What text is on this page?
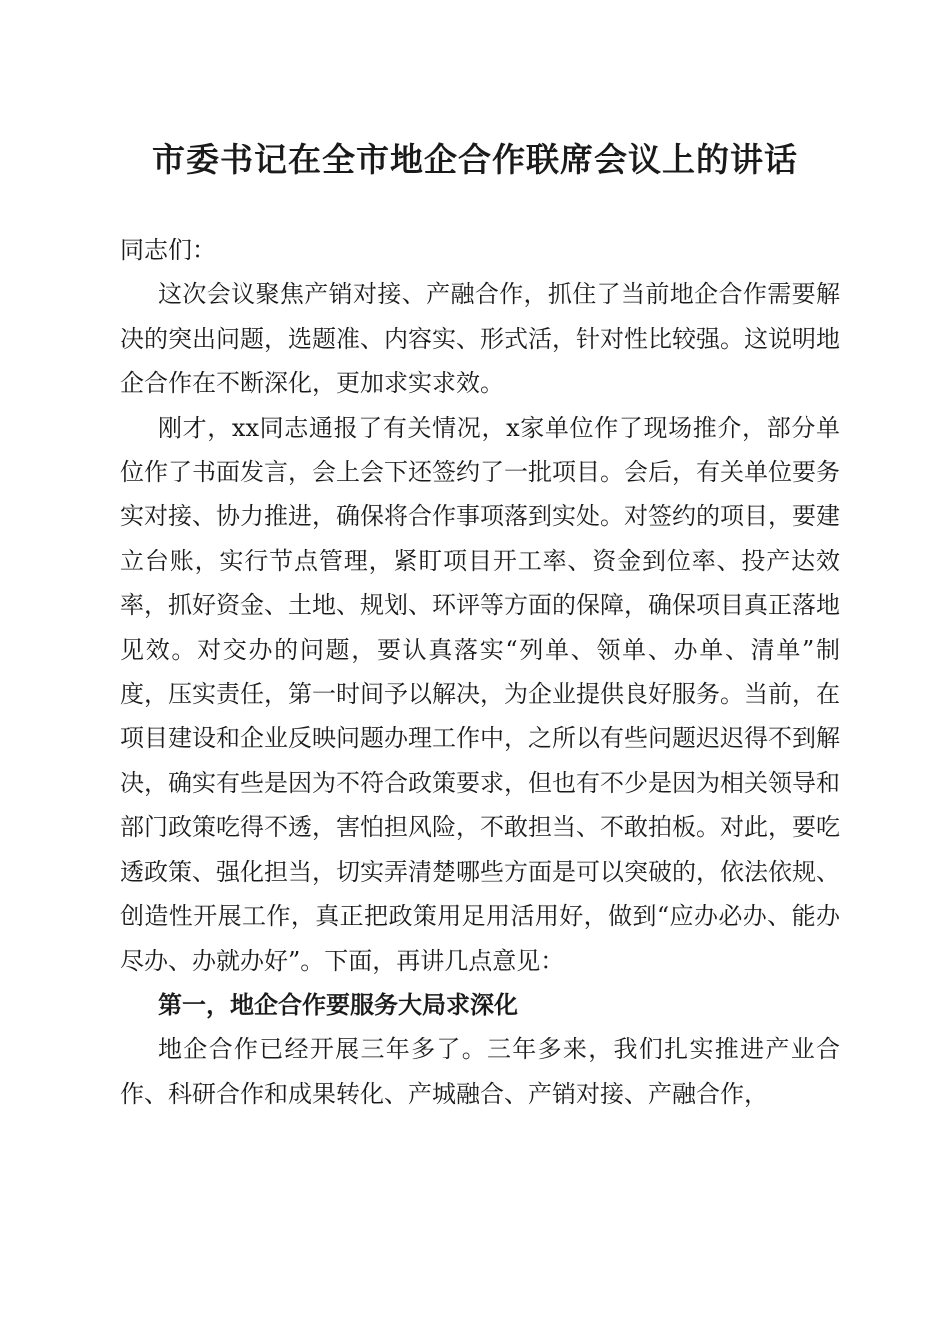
市委书记在全市地企合作联席会议上的讲话

同志们：

这次会议聚焦产销对接、产融合作，抓住了当前地企合作需要解决的突出问题，选题准、内容实、形式活，针对性比较强。这说明地企合作在不断深化，更加求实求效。

刚才，xx同志通报了有关情况，x家单位作了现场推介，部分单位作了书面发言，会上会下还签约了一批项目。会后，有关单位要务实对接、协力推进，确保将合作事项落到实处。对签约的项目，要建立台账，实行节点管理，紧盯项目开工率、资金到位率、投产达效率，抓好资金、土地、规划、环评等方面的保障，确保项目真正落地见效。对交办的问题，要认真落实“列单、领单、办单、清单”制度，压实责任，第一时间予以解决，为企业提供良好服务。当前，在项目建设和企业反映问题办理工作中，之所以有些问题迟迟得不到解决，确实有些是因为不符合政策要求，但也有不少是因为相关领导和部门政策吃得不透，害怕担风险，不敢担当、不敢拍板。对此，要吃透政策、强化担当，切实弄清楚哪些方面是可以突破的，依法依规、创造性开展工作，真正把政策用足用活用好，做到“应办必办、能办尽办、办就办好”。下面，再讲几点意见：

第一，地企合作要服务大局求深化

地企合作已经开展三年多了。三年多来，我们扎实推进产业合作、科研合作和成果转化、产城融合、产销对接、产融合作，
